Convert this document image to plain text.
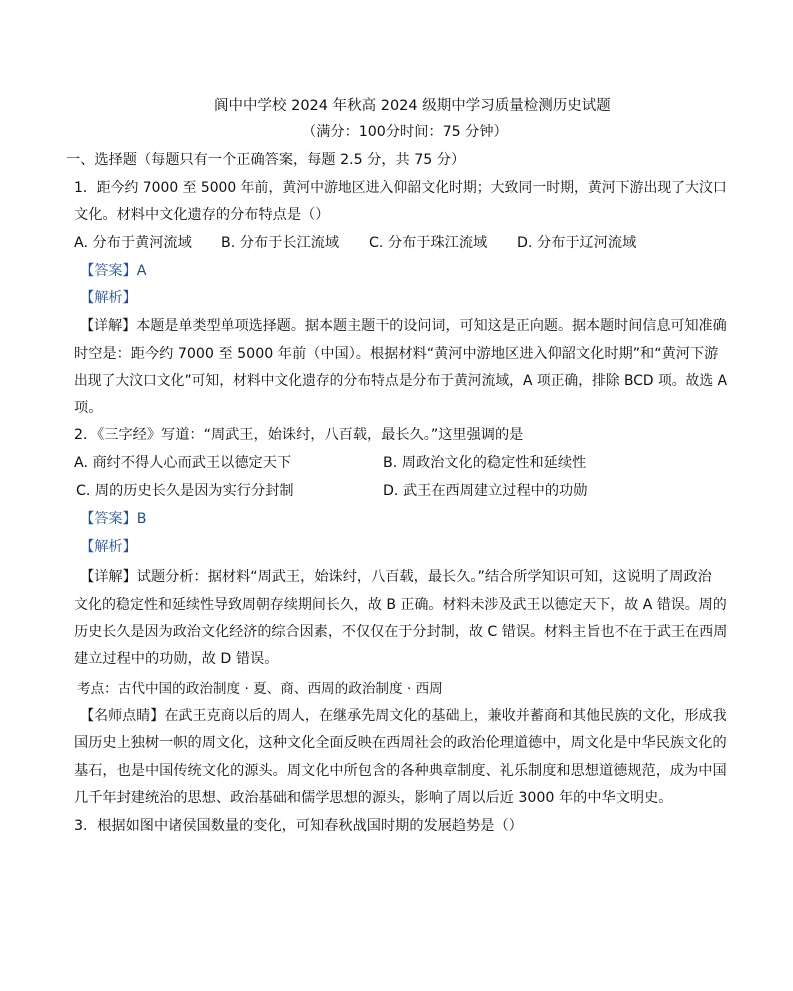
阆中中学校 2024 年秋高 2024 级期中学习质量检测历史试题
（满分：100分时间：75 分钟）
一、选择题（每题只有一个正确答案，每题 2.5 分，共 75 分）
1．距今约 7000 至 5000 年前，黄河中游地区进入仰韶文化时期；大致同一时期，黄河下游出现了大汶口
文化。材料中文化遗存的分布特点是（）
A. 分布于黄河流域 B. 分布于长江流域 C. 分布于珠江流域 D. 分布于辽河流域
【答案】A
【解析】
【详解】本题是单类型单项选择题。据本题主题干的设问词，可知这是正向题。据本题时间信息可知准确
时空是：距今约 7000 至 5000 年前（中国）。根据材料“黄河中游地区进入仰韶文化时期”和“黄河下游
出现了大汶口文化”可知，材料中文化遗存的分布特点是分布于黄河流域，A 项正确，排除 BCD 项。故选 A
项。
2．《三字经》写道：“周武王，始诛纣，八百载，最长久。”这里强调的是
A. 商纣不得人心而武王以德定天下	B. 周政治文化的稳定性和延续性
C. 周的历史长久是因为实行分封制	D. 武王在西周建立过程中的功勋
【答案】B
【解析】
【详解】试题分析：据材料“周武王，始诛纣，八百载，最长久。”结合所学知识可知，这说明了周政治
文化的稳定性和延续性导致周朝存续期间长久，故 B 正确。材料未涉及武王以德定天下，故 A 错误。周的
历史长久是因为政治文化经济的综合因素，不仅仅在于分封制，故 C 错误。材料主旨也不在于武王在西周
建立过程中的功勋，故 D 错误。
考点：古代中国的政治制度 · 夏、商、西周的政治制度 · 西周
【名师点睛】在武王克商以后的周人，在继承先周文化的基础上，兼收并蓄商和其他民族的文化，形成我
国历史上独树一帜的周文化，这种文化全面反映在西周社会的政治伦理道德中，周文化是中华民族文化的
基石，也是中国传统文化的源头。周文化中所包含的各种典章制度、礼乐制度和思想道德规范，成为中国
几千年封建统治的思想、政治基础和儒学思想的源头，影响了周以后近 3000 年的中华文明史。
3．根据如图中诸侯国数量的变化，可知春秋战国时期的发展趋势是（）
